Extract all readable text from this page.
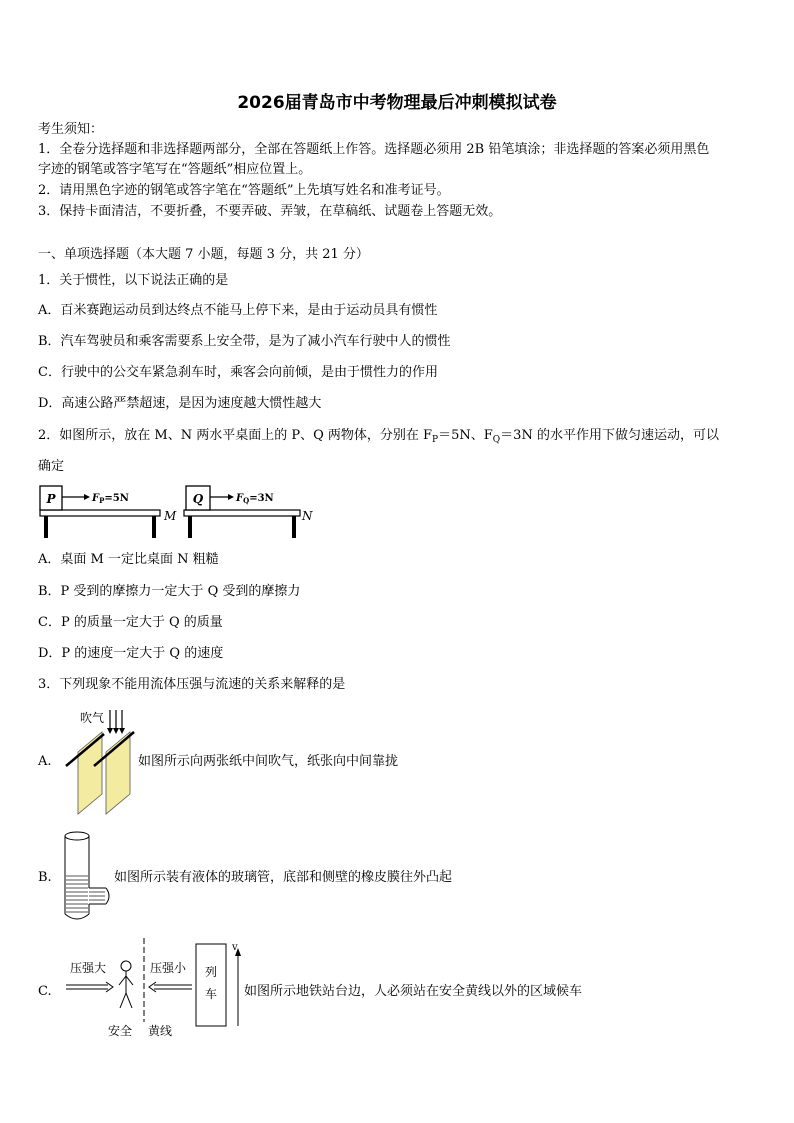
2026届青岛市中考物理最后冲刺模拟试卷
考生须知：
1．全卷分选择题和非选择题两部分，全部在答题纸上作答。选择题必须用 2B 铅笔填涂；非选择题的答案必须用黑色
字迹的钢笔或答字笔写在“答题纸”相应位置上。
2．请用黑色字迹的钢笔或答字笔在“答题纸”上先填写姓名和准考证号。
3．保持卡面清洁，不要折叠，不要弄破、弄皱，在草稿纸、试题卷上答题无效。
一、单项选择题（本大题 7 小题，每题 3 分，共 21 分）
1．关于惯性，以下说法正确的是
A．百米赛跑运动员到达终点不能马上停下来，是由于运动员具有惯性
B．汽车驾驶员和乘客需要系上安全带，是为了减小汽车行驶中人的惯性
C．行驶中的公交车紧急刹车时，乘客会向前倾，是由于惯性力的作用
D．高速公路严禁超速，是因为速度越大惯性越大
2．如图所示，放在 M、N 两水平桌面上的 P、Q 两物体，分别在 $F_P=5N$、$F_Q=3N$ 的水平作用下做匀速运动，可以
确定
P	$F_P=5N$
M
Q	$F_Q=3N$
N
A．桌面 M 一定比桌面 N 粗糙
B．P 受到的摩擦力一定大于 Q 受到的摩擦力
C．P 的质量一定大于 Q 的质量
D．P 的速度一定大于 Q 的速度
3．下列现象不能用流体压强与流速的关系来解释的是
A.
吹气
如图所示向两张纸中间吹气，纸张向中间靠拢
B.	如图所示装有液体的玻璃管，底部和侧壁的橡皮膜往外凸起
C.
压强大	压强小
安全 黄线
列
车
v
如图所示地铁站台边，人必须站在安全黄线以外的区域候车
